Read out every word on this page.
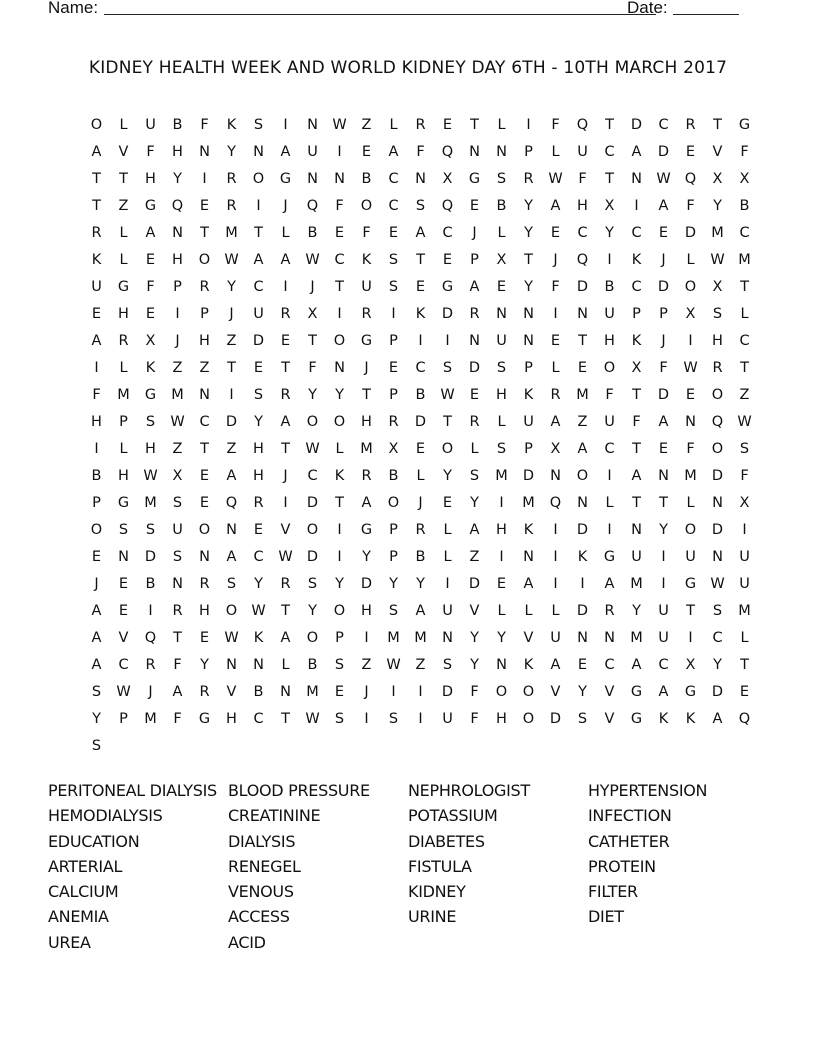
Name:	Date:
KIDNEY HEALTH WEEK AND WORLD KIDNEY DAY 6TH - 10TH MARCH 2017
O	L	U	B	F	K	S	I	N W	Z	L	R	E	T	L	I	F	Q	T	D	C	R	T	G
A	V	F	H	N	Y	N	A	U	I	E	A	F	Q	N	N	P	L	U	C	A	D	E	V	F
T	T	H	Y	I	R	O	G	N	N	B	C	N	X	G	S	R	W	F	T	N W Q	X	X
T	Z	G	Q	E	R	I	J	Q	F	O	C	S	Q	E	B	Y	A	H	X	I	A	F	Y	B
R	L	A	N	T	M	T	L	B	E	F	E	A	C	J	L	Y	E	C	Y	C	E	D	M	C
K	L	E	H	O W	A	A	W	C	K	S	T	E	P	X	T	J	Q	I	K	J	L	W M
U	G	F	P	R	Y	C	I	J	T	U	S	E	G	A	E	Y	F	D	B	C	D	O	X	T
E	H	E	I	P	J	U	R	X	I	R	I	K	D	R	N	N	I	N	U	P	P	X	S	L
A	R	X	J	H	Z	D	E	T	O	G	P	I	I	N	U	N	E	T	H	K	J	I	H	C
I	L	K	Z	Z	T	E	T	F	N	J	E	C	S	D	S	P	L	E	O	X	F	W	R	T
F	M	G	M	N	I	S	R	Y	Y	T	P	B	W	E	H	K	R	M	F	T	D	E	O	Z
H	P	S	W	C	D	Y	A	O	O	H	R	D	T	R	L	U	A	Z	U	F	A	N	Q W
I	L	H	Z	T	Z	H	T	W	L	M	X	E	O	L	S	P	X	A	C	T	E	F	O	S
B	H W	X	E	A	H	J	C	K	R	B	L	Y	S	M	D	N	O	I	A	N	M	D	F
P	G	M	S	E	Q	R	I	D	T	A	O	J	E	Y	I	M	Q	N	L	T	T	L	N	X
O	S	S	U	O	N	E	V	O	I	G	P	R	L	A	H	K	I	D	I	N	Y	O	D	I
E	N	D	S	N	A	C	W D	I	Y	P	B	L	Z	I	N	I	K	G	U	I	U	N	U
J	E	B	N	R	S	Y	R	S	Y	D	Y	Y	I	D	E	A	I	I	A	M	I	G W	U
A	E	I	R	H	O W	T	Y	O	H	S	A	U	V	L	L	L	D	R	Y	U	T	S	M
A	V	Q	T	E	W	K	A	O	P	I	M M	N	Y	Y	V	U	N	N	M	U	I	C	L
A	C	R	F	Y	N	N	L	B	S	Z	W	Z	S	Y	N	K	A	E	C	A	C	X	Y	T
S	W	J	A	R	V	B	N	M	E	J	I	I	D	F	O	O	V	Y	V	G	A	G	D	E
Y	P	M	F	G	H	C	T	W	S	I	S	I	U	F	H	O	D	S	V	G	K	K	A	Q
S
PERITONEAL DIALYSIS
HEMODIALYSIS
EDUCATION
ARTERIAL
CALCIUM
ANEMIA
UREA
BLOOD PRESSURE
CREATININE
DIALYSIS
RENEGEL
VENOUS
ACCESS
ACID
NEPHROLOGIST
POTASSIUM
DIABETES
FISTULA
KIDNEY
URINE
HYPERTENSION
INFECTION
CATHETER
PROTEIN
FILTER
DIET
